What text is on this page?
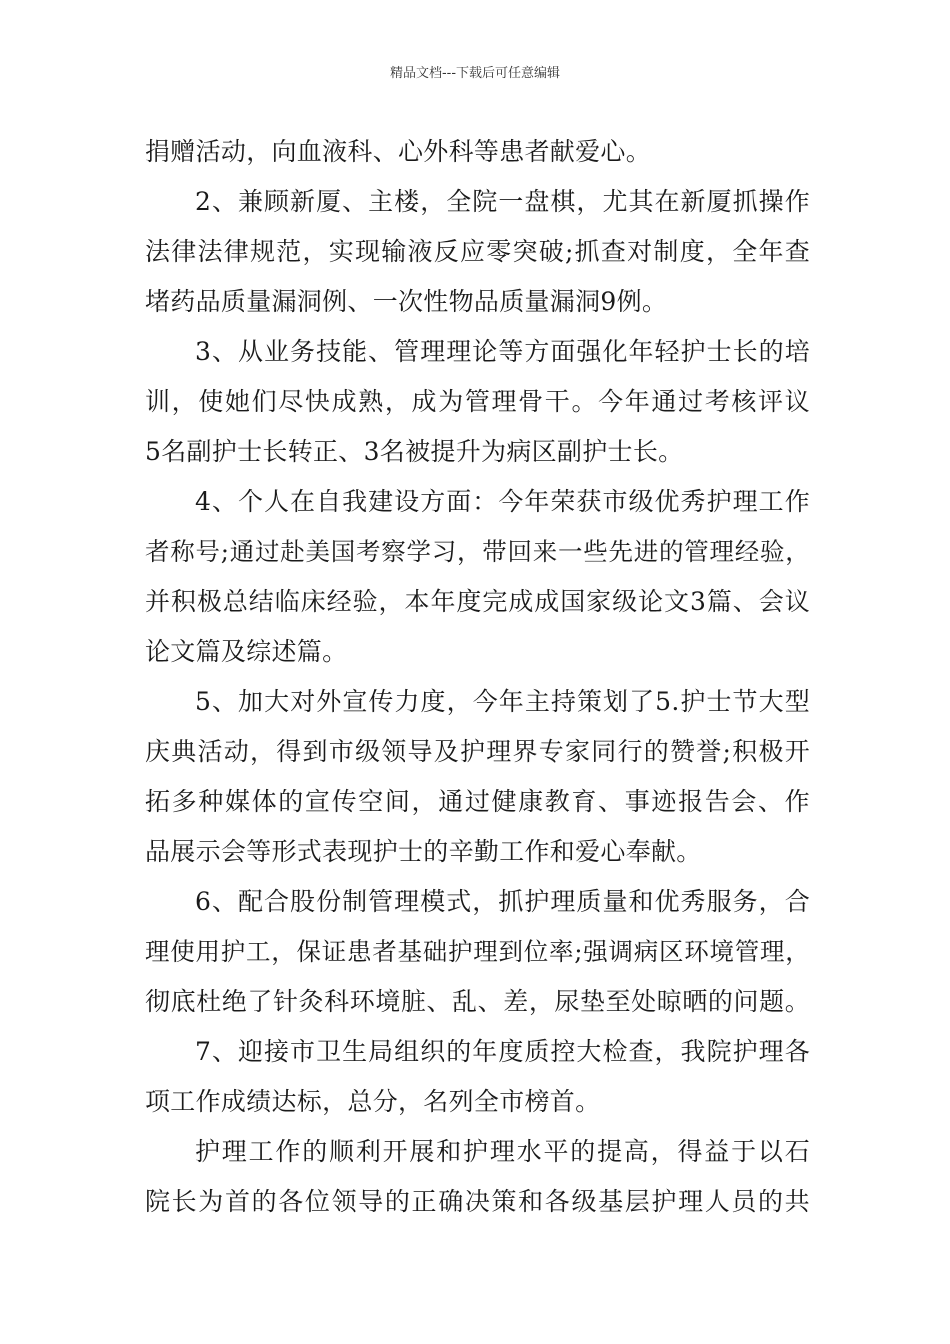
精品文档---下载后可任意编辑
捐赠活动，向血液科、心外科等患者献爱心。
2、兼顾新厦、主楼，全院一盘棋，尤其在新厦抓操作
法律法律规范，实现输液反应零突破;抓查对制度，全年查
堵药品质量漏洞例、一次性物品质量漏洞9例。
3、从业务技能、管理理论等方面强化年轻护士长的培
训，使她们尽快成熟，成为管理骨干。今年通过考核评议
5名副护士长转正、3名被提升为病区副护士长。
4、个人在自我建设方面：今年荣获市级优秀护理工作
者称号;通过赴美国考察学习，带回来一些先进的管理经验，
并积极总结临床经验，本年度完成成国家级论文3篇、会议
论文篇及综述篇。
5、加大对外宣传力度，今年主持策划了5.护士节大型
庆典活动，得到市级领导及护理界专家同行的赞誉;积极开
拓多种媒体的宣传空间，通过健康教育、事迹报告会、作
品展示会等形式表现护士的辛勤工作和爱心奉献。
6、配合股份制管理模式，抓护理质量和优秀服务，合
理使用护工，保证患者基础护理到位率;强调病区环境管理，
彻底杜绝了针灸科环境脏、乱、差，尿垫至处晾晒的问题。
7、迎接市卫生局组织的年度质控大检查，我院护理各
项工作成绩达标，总分，名列全市榜首。
护理工作的顺利开展和护理水平的提高，得益于以石
院长为首的各位领导的正确决策和各级基层护理人员的共
